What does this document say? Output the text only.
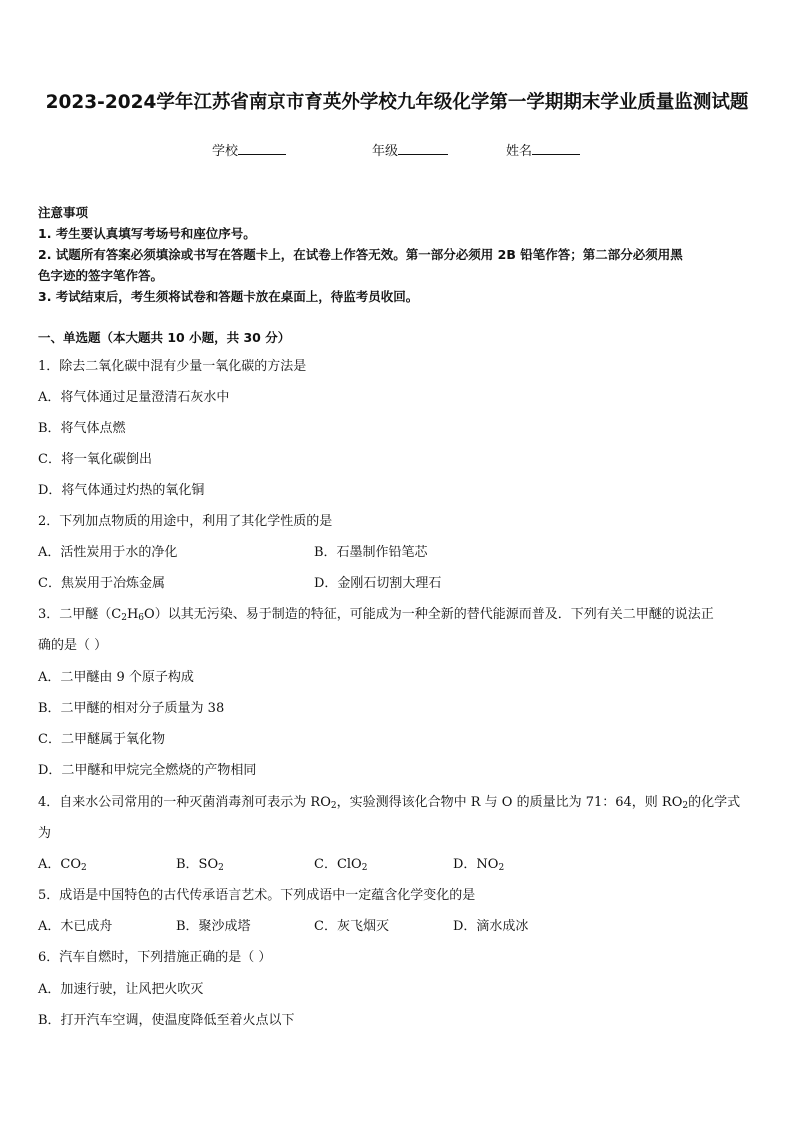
2023-2024学年江苏省南京市育英外学校九年级化学第一学期期末学业质量监测试题
学校	年级	姓名
注意事项
1. 考生要认真填写考场号和座位序号。
2. 试题所有答案必须填涂或书写在答题卡上，在试卷上作答无效。第一部分必须用 2B 铅笔作答；第二部分必须用黑
色字迹的签字笔作答。
3. 考试结束后，考生须将试卷和答题卡放在桌面上，待监考员收回。
一、单选题（本大题共 10 小题，共 30 分）
1．除去二氧化碳中混有少量一氧化碳的方法是
A．将气体通过足量澄清石灰水中
B．将气体点燃
C．将一氧化碳倒出
D．将气体通过灼热的氧化铜
2．下列加点物质的用途中，利用了其化学性质的是
A．活性炭用于水的净化	B．石墨制作铅笔芯
C．焦炭用于冶炼金属	D．金刚石切割大理石
3．二甲醚$(C_2H_6O)$以其无污染、易于制造的特征，可能成为一种全新的替代能源而普及．下列有关二甲醚的说法正
确的是（ ）
A．二甲醚由 9 个原子构成
B．二甲醚的相对分子质量为 38
C．二甲醚属于氧化物
D．二甲醚和甲烷完全燃烧的产物相同
4．自来水公司常用的一种灭菌消毒剂可表示为 $RO_2$，实验测得该化合物中 R 与 O 的质量比为 71：64，则 $RO_2$的化学式
为
A．$CO_2$	B．$SO_2$	C．ClO$_2$	D．$NO_2$
5．成语是中国特色的古代传承语言艺术。下列成语中一定蕴含化学变化的是
A．木已成舟	B．聚沙成塔	C．灰飞烟灭	D．滴水成冰
6．汽车自燃时，下列措施正确的是（ ）
A．加速行驶，让风把火吹灭
B．打开汽车空调，使温度降低至着火点以下
